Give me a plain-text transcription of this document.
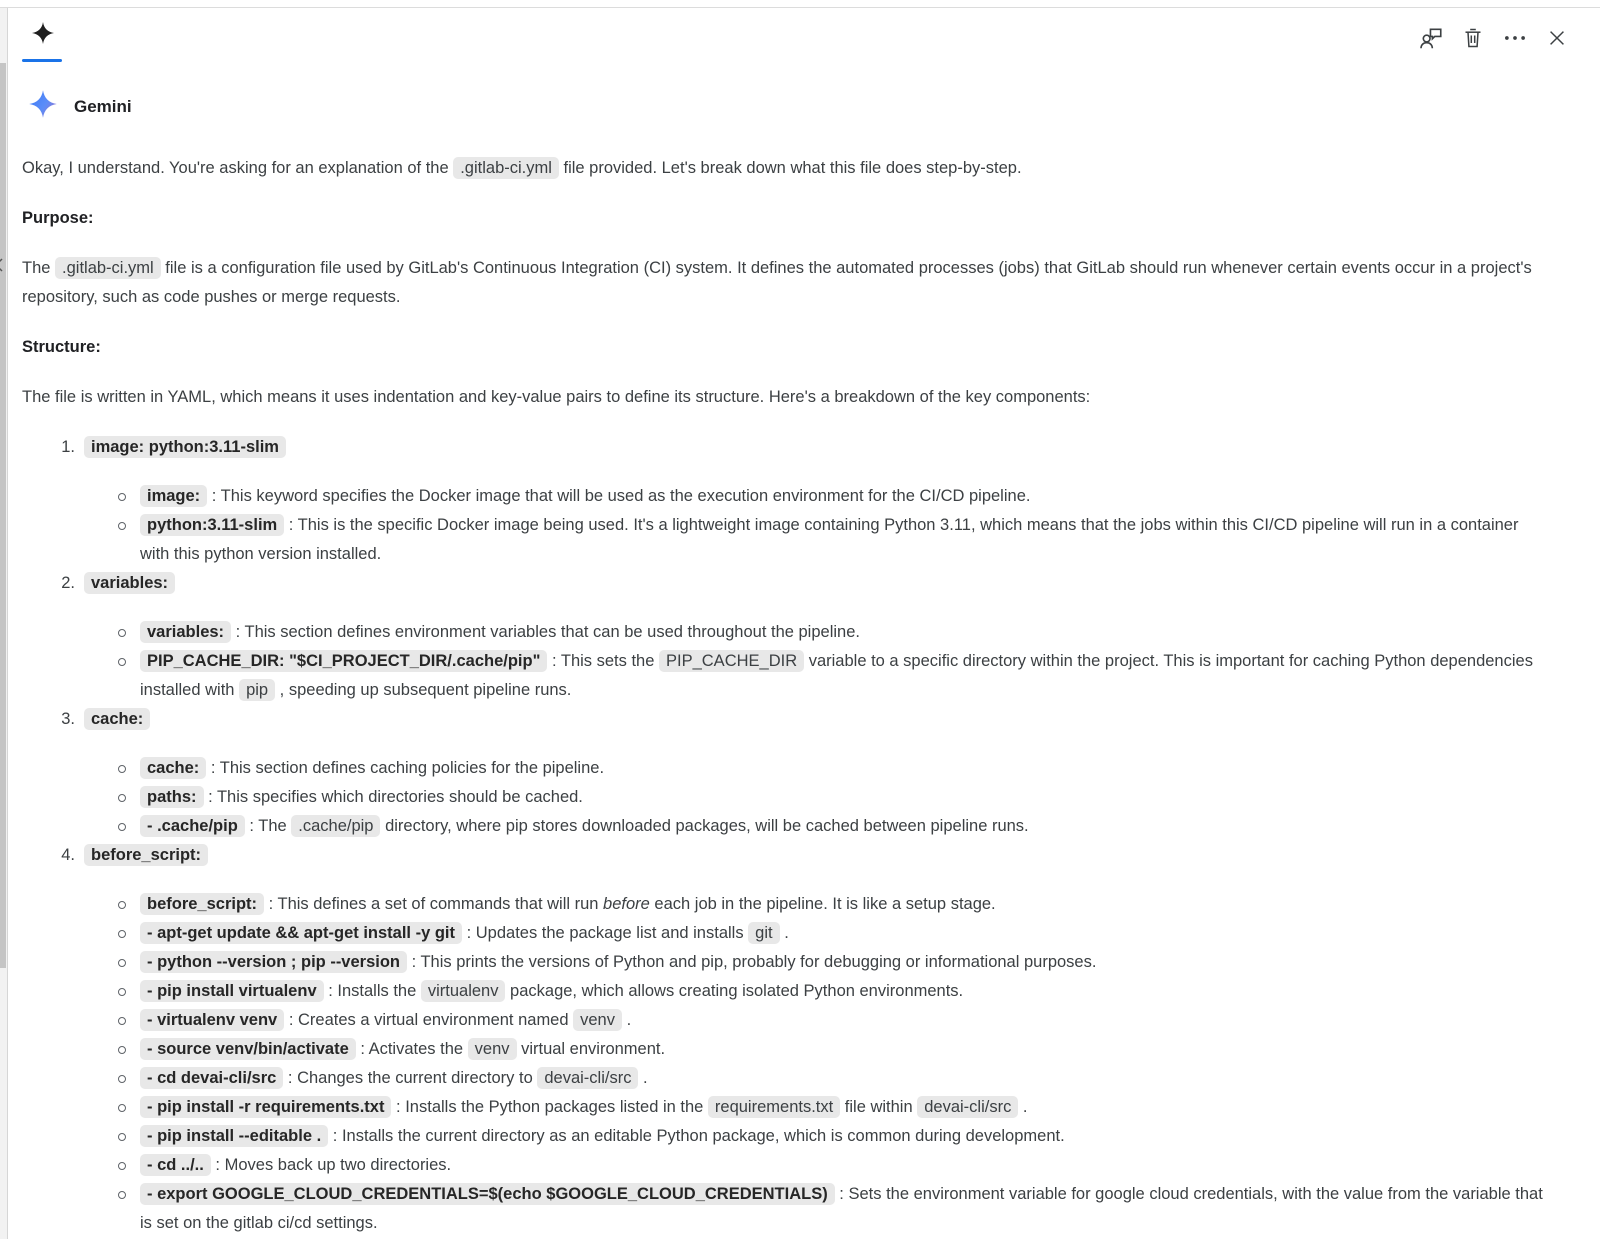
Gemini
Okay, I understand. You're asking for an explanation of the .gitlab-ci.yml file provided. Let's break down what this file does step-by-step.
Purpose:
The .gitlab-ci.yml file is a configuration file used by GitLab's Continuous Integration (CI) system. It defines the automated processes (jobs) that GitLab should run whenever certain events occur in a project's repository, such as code pushes or merge requests.
Structure:
The file is written in YAML, which means it uses indentation and key-value pairs to define its structure. Here's a breakdown of the key components:
1. image: python:3.11-slim
image: : This keyword specifies the Docker image that will be used as the execution environment for the CI/CD pipeline.
python:3.11-slim : This is the specific Docker image being used. It's a lightweight image containing Python 3.11, which means that the jobs within this CI/CD pipeline will run in a container with this python version installed.
2. variables:
variables: : This section defines environment variables that can be used throughout the pipeline.
PIP_CACHE_DIR: "$CI_PROJECT_DIR/.cache/pip" : This sets the PIP_CACHE_DIR variable to a specific directory within the project. This is important for caching Python dependencies installed with pip , speeding up subsequent pipeline runs.
3. cache:
cache: : This section defines caching policies for the pipeline.
paths: : This specifies which directories should be cached.
- .cache/pip : The .cache/pip directory, where pip stores downloaded packages, will be cached between pipeline runs.
4. before_script:
before_script: : This defines a set of commands that will run before each job in the pipeline. It is like a setup stage.
- apt-get update && apt-get install -y git : Updates the package list and installs git .
- python --version ; pip --version : This prints the versions of Python and pip, probably for debugging or informational purposes.
- pip install virtualenv : Installs the virtualenv package, which allows creating isolated Python environments.
- virtualenv venv : Creates a virtual environment named venv .
- source venv/bin/activate : Activates the venv virtual environment.
- cd devai-cli/src : Changes the current directory to devai-cli/src .
- pip install -r requirements.txt : Installs the Python packages listed in the requirements.txt file within devai-cli/src .
- pip install --editable . : Installs the current directory as an editable Python package, which is common during development.
- cd ../.. : Moves back up two directories.
- export GOOGLE_CLOUD_CREDENTIALS=$(echo $GOOGLE_CLOUD_CREDENTIALS) : Sets the environment variable for google cloud credentials, with the value from the variable that is set on the gitlab ci/cd settings.
